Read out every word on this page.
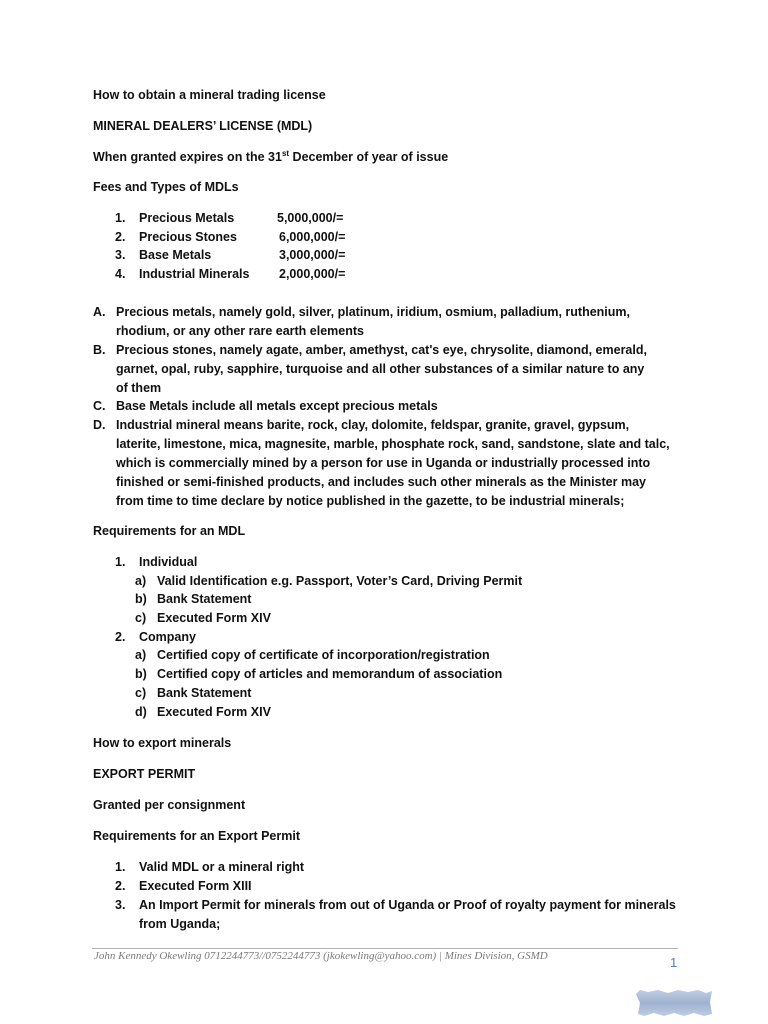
How to obtain a mineral trading license
MINERAL DEALERS’ LICENSE (MDL)
When granted expires on the 31st December of year of issue
Fees and Types of MDLs
1. Precious Metals	5,000,000/=
2. Precious Stones	6,000,000/=
3. Base Metals	3,000,000/=
4. Industrial Minerals 2,000,000/=
A. Precious metals, namely gold, silver, platinum, iridium, osmium, palladium, ruthenium, rhodium, or any other rare earth elements
B. Precious stones, namely agate, amber, amethyst, cat's eye, chrysolite, diamond, emerald, garnet, opal, ruby, sapphire, turquoise and all other substances of a similar nature to any of them
C. Base Metals include all metals except precious metals
D. Industrial mineral means barite, rock, clay, dolomite, feldspar, granite, gravel, gypsum, laterite, limestone, mica, magnesite, marble, phosphate rock, sand, sandstone, slate and talc, which is commercially mined by a person for use in Uganda or industrially processed into finished or semi-finished products, and includes such other minerals as the Minister may from time to time declare by notice published in the gazette, to be industrial minerals;
Requirements for an MDL
1. Individual
a) Valid Identification e.g. Passport, Voter’s Card, Driving Permit
b) Bank Statement
c) Executed Form XIV
2. Company
a) Certified copy of certificate of incorporation/registration
b) Certified copy of articles and memorandum of association
c) Bank Statement
d) Executed Form XIV
How to export minerals
EXPORT PERMIT
Granted per consignment
Requirements for an Export Permit
1. Valid MDL or a mineral right
2. Executed Form XIII
3. An Import Permit for minerals from out of Uganda or Proof of royalty payment for minerals from Uganda;
John Kennedy Okewling 0712244773//0752244773 (jkokewling@yahoo.com) | Mines Division, GSMD	1
